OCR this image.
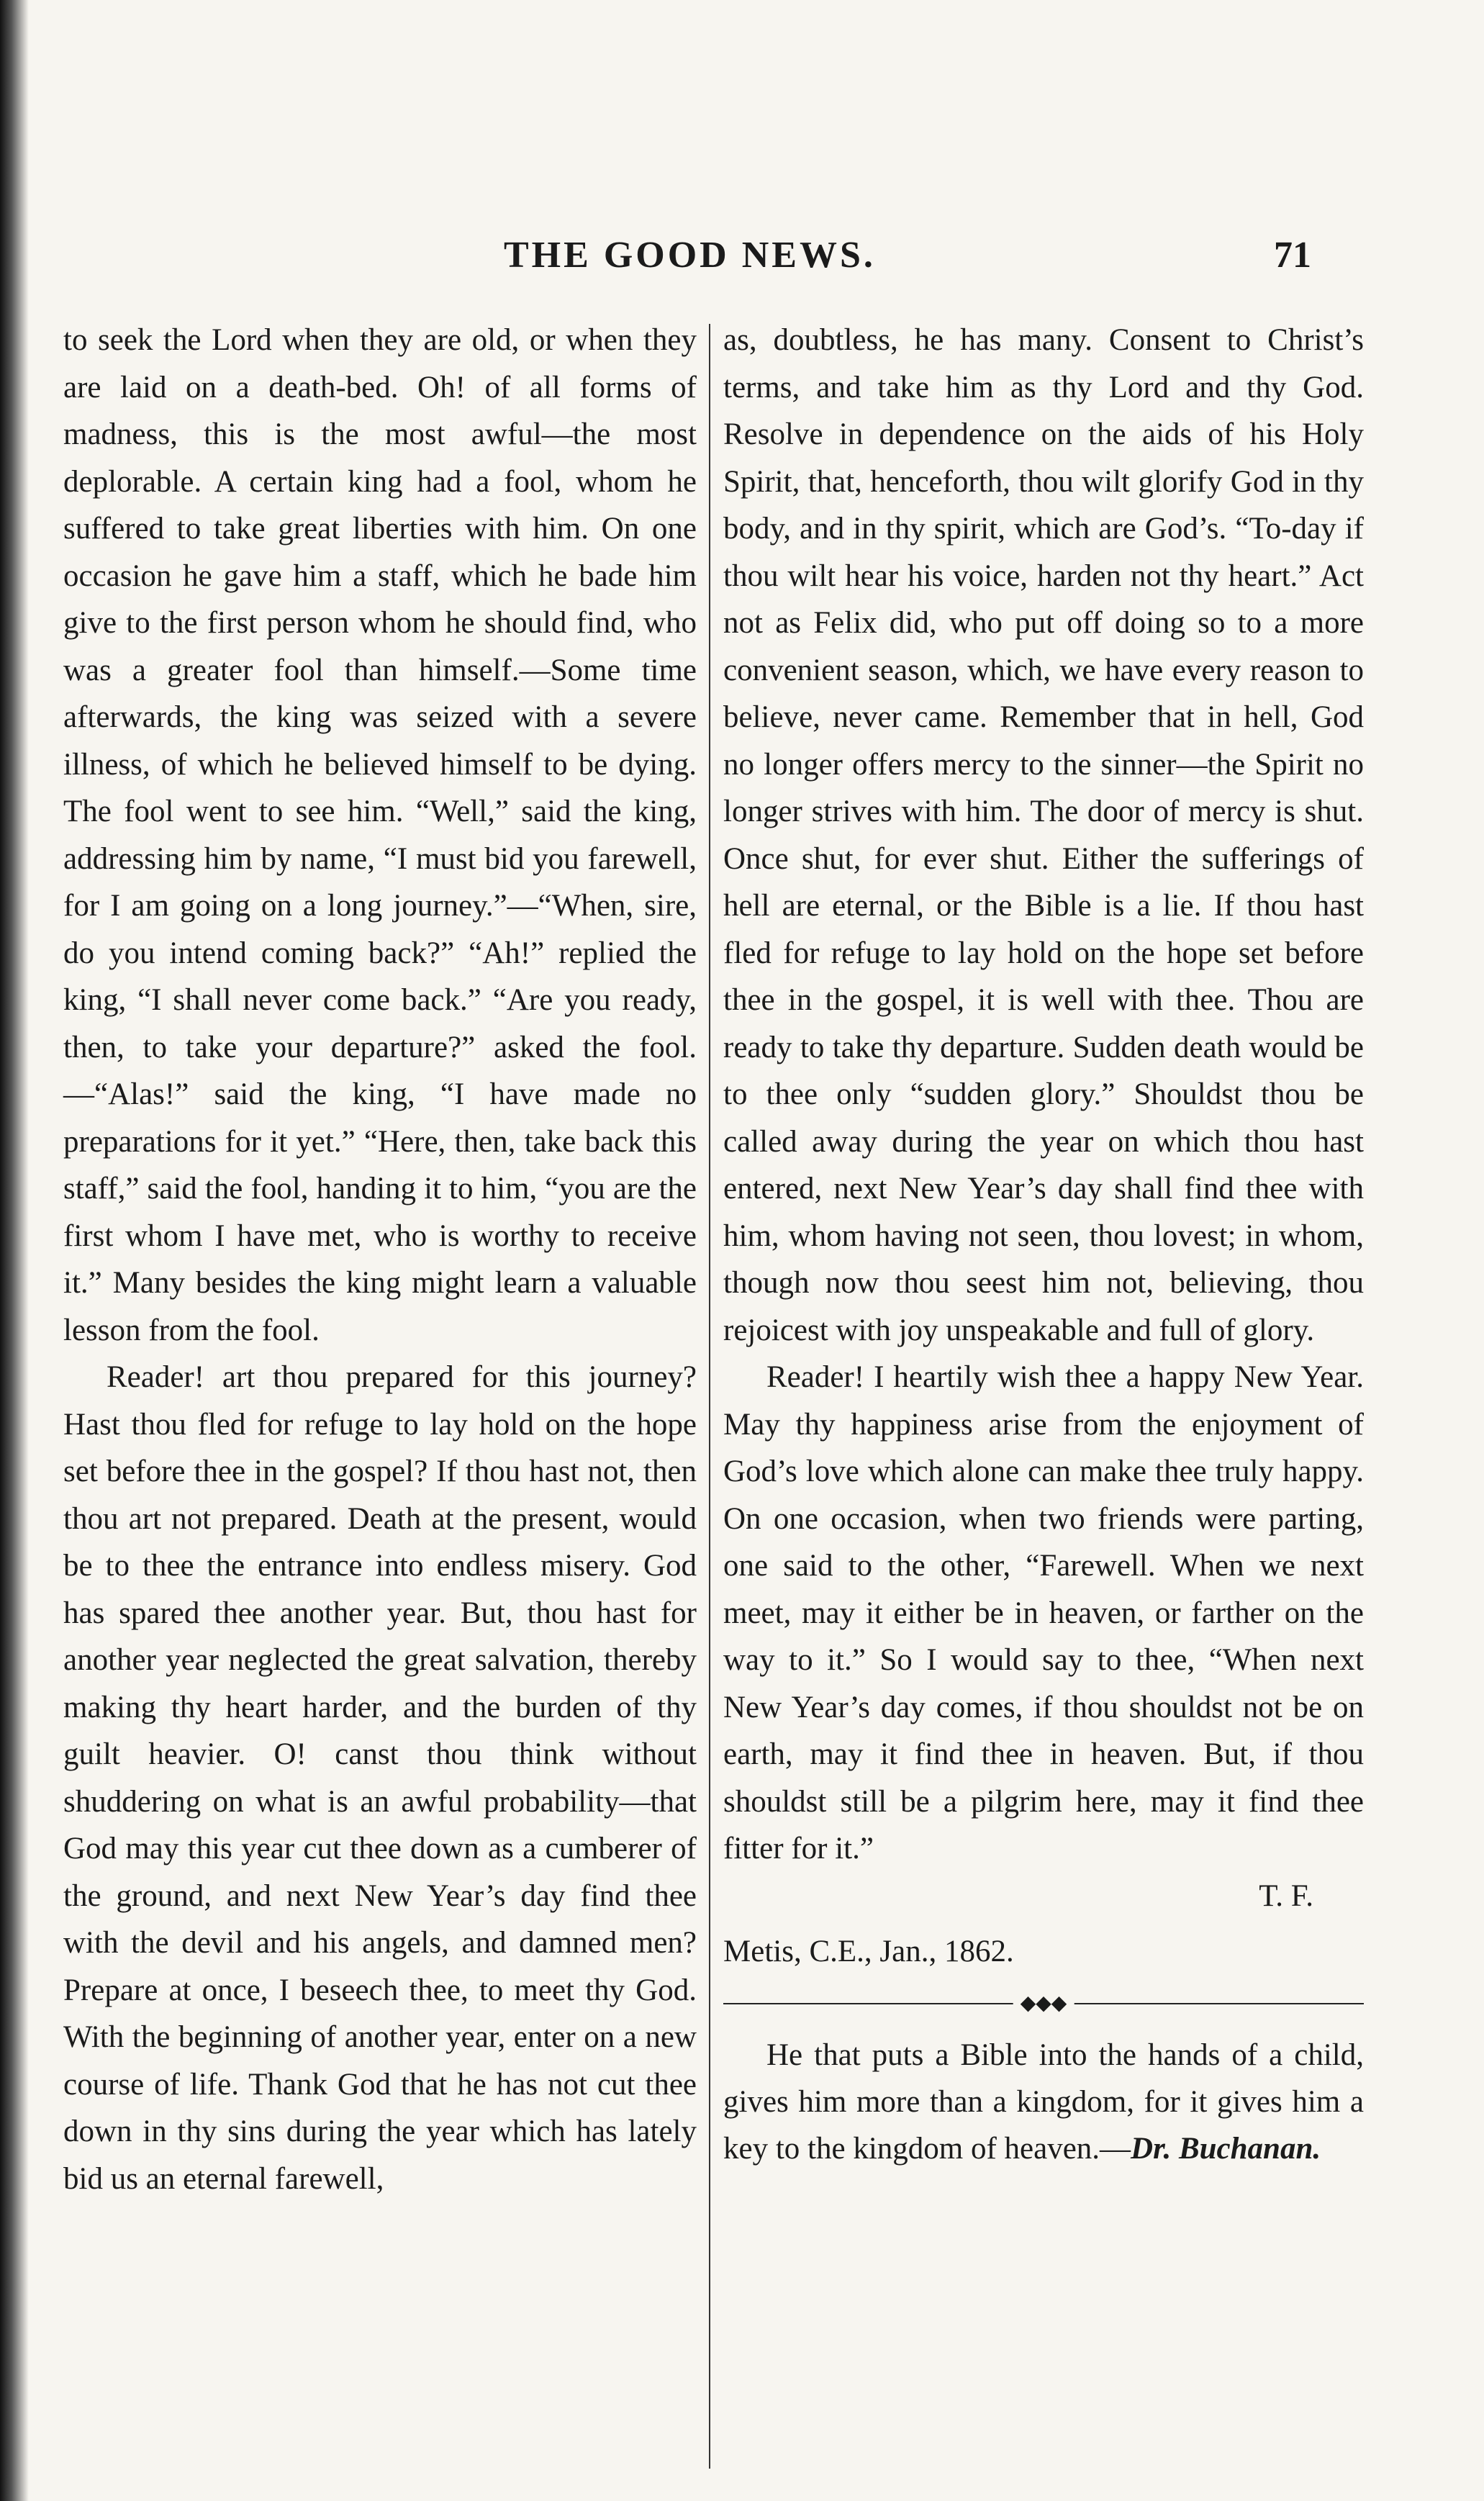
THE GOOD NEWS.	71

to seek the Lord when they are old, or when they are laid on a death-bed. Oh! of all forms of madness, this is the most awful—the most deplorable. A certain king had a fool, whom he suffered to take great liberties with him. On one occasion he gave him a staff, which he bade him give to the first person whom he should find, who was a greater fool than himself.—Some time afterwards, the king was seized with a severe illness, of which he believed himself to be dying. The fool went to see him. “Well,” said the king, addressing him by name, “I must bid you farewell, for I am going on a long journey.”—“When, sire, do you intend coming back?” “Ah!” replied the king, “I shall never come back.” “Are you ready, then, to take your departure?” asked the fool.—“Alas!” said the king, “I have made no preparations for it yet.” “Here, then, take back this staff,” said the fool, handing it to him, “you are the first whom I have met, who is worthy to receive it.” Many besides the king might learn a valuable lesson from the fool.

Reader! art thou prepared for this journey? Hast thou fled for refuge to lay hold on the hope set before thee in the gospel? If thou hast not, then thou art not prepared. Death at the present, would be to thee the entrance into endless misery. God has spared thee another year. But, thou hast for another year neglected the great salvation, thereby making thy heart harder, and the burden of thy guilt heavier. O! canst thou think without shuddering on what is an awful probability—that God may this year cut thee down as a cumberer of the ground, and next New Year’s day find thee with the devil and his angels, and damned men? Prepare at once, I beseech thee, to meet thy God. With the beginning of another year, enter on a new course of life. Thank God that he has not cut thee down in thy sins during the year which has lately bid us an eternal farewell,

as, doubtless, he has many. Consent to Christ’s terms, and take him as thy Lord and thy God. Resolve in dependence on the aids of his Holy Spirit, that, henceforth, thou wilt glorify God in thy body, and in thy spirit, which are God’s. “To-day if thou wilt hear his voice, harden not thy heart.” Act not as Felix did, who put off doing so to a more convenient season, which, we have every reason to believe, never came. Remember that in hell, God no longer offers mercy to the sinner—the Spirit no longer strives with him. The door of mercy is shut. Once shut, for ever shut. Either the sufferings of hell are eternal, or the Bible is a lie. If thou hast fled for refuge to lay hold on the hope set before thee in the gospel, it is well with thee. Thou are ready to take thy departure. Sudden death would be to thee only “sudden glory.” Shouldst thou be called away during the year on which thou hast entered, next New Year’s day shall find thee with him, whom having not seen, thou lovest; in whom, though now thou seest him not, believing, thou rejoicest with joy unspeakable and full of glory.

Reader! I heartily wish thee a happy New Year. May thy happiness arise from the enjoyment of God’s love which alone can make thee truly happy. On one occasion, when two friends were parting, one said to the other, “Farewell. When we next meet, may it either be in heaven, or farther on the way to it.” So I would say to thee, “When next New Year’s day comes, if thou shouldst not be on earth, may it find thee in heaven. But, if thou shouldst still be a pilgrim here, may it find thee fitter for it.”

T. F.

Metis, C.E., Jan., 1862.

◆◆◆

He that puts a Bible into the hands of a child, gives him more than a kingdom, for it gives him a key to the kingdom of heaven.—Dr. Buchanan.
